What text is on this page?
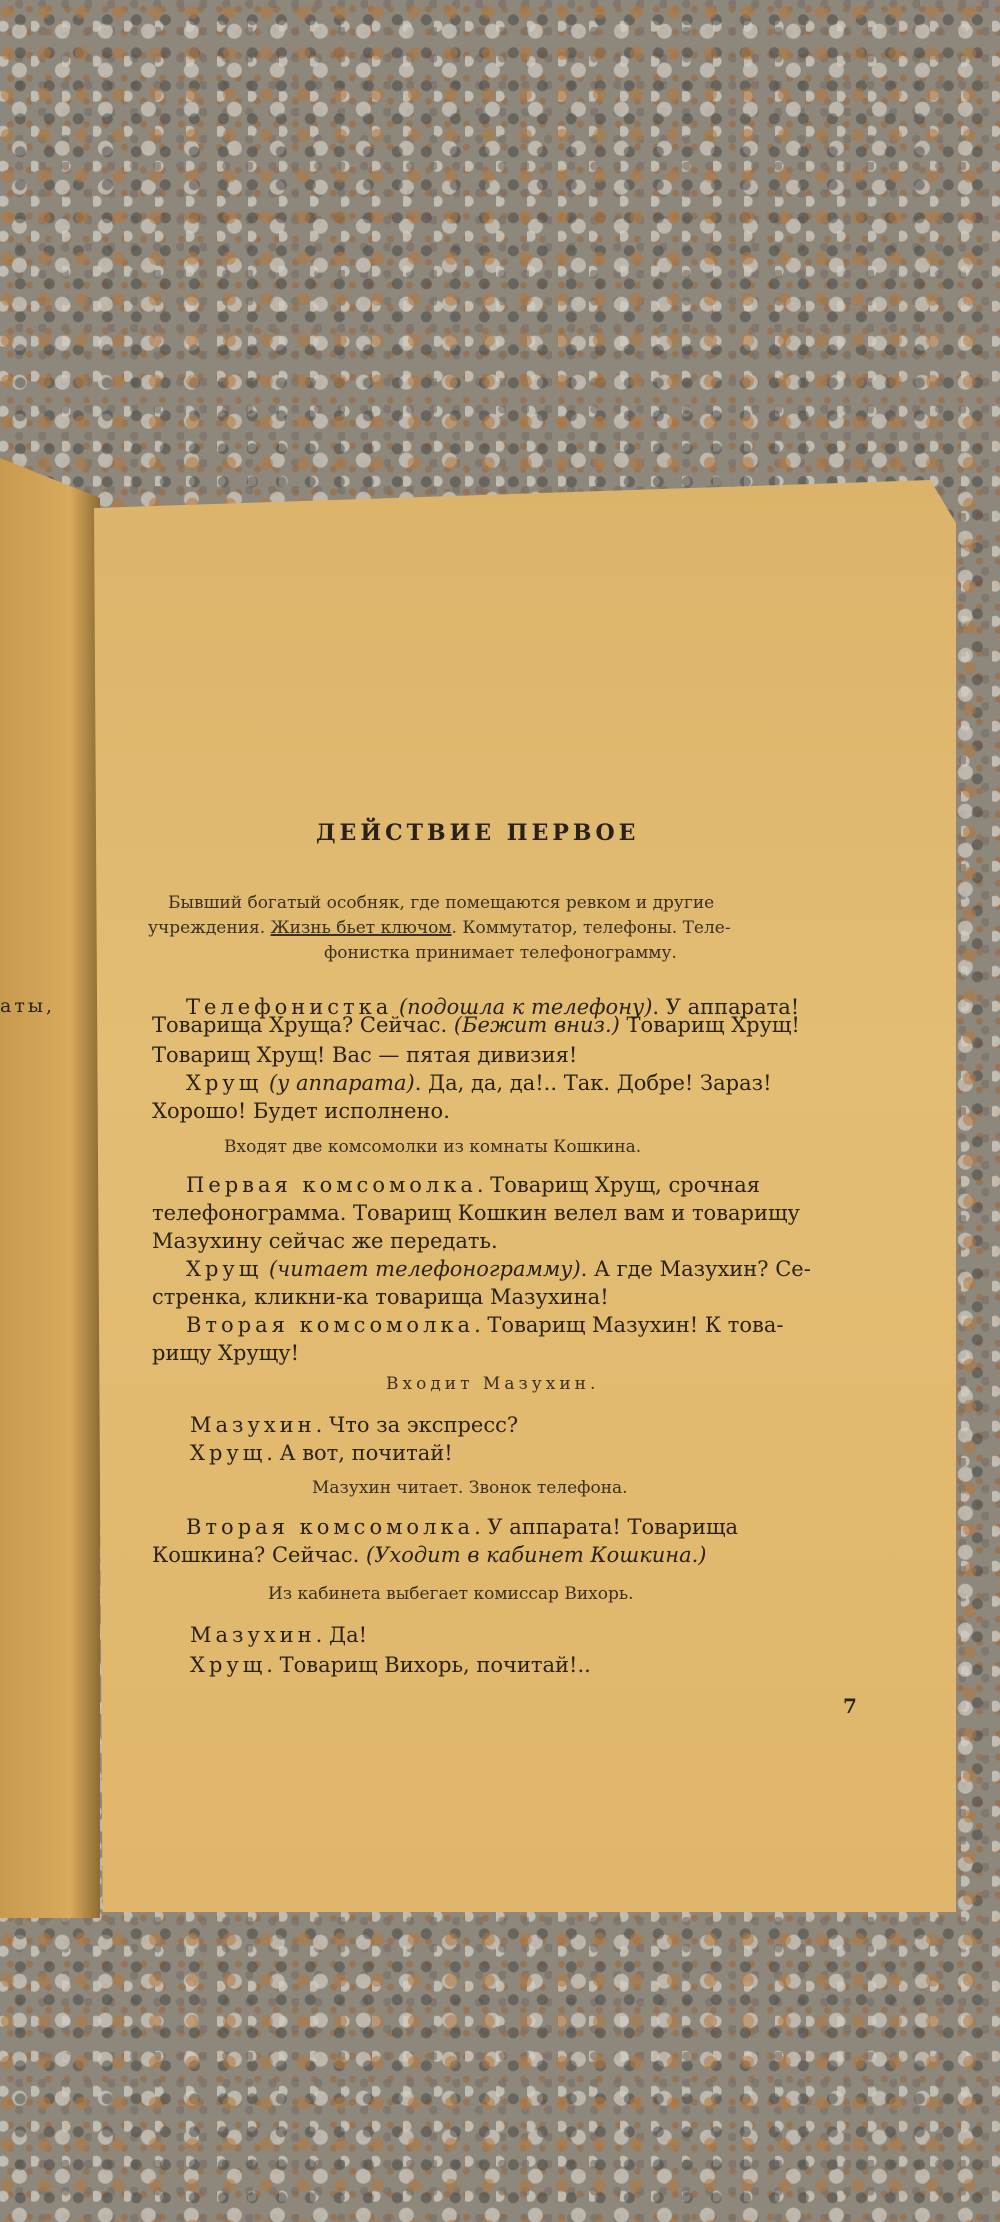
аты,
ДЕЙСТВИЕ ПЕРВОЕ
Бывший богатый особняк, где помещаются ревком и другие
учреждения. Жизнь бьет ключом. Коммутатор, телефоны. Теле-
фонистка принимает телефонограмму.
Телефонистка (подошла к телефону). У аппарата!
Товарища Хруща? Сейчас. (Бежит вниз.) Товарищ Хрущ!
Товарищ Хрущ! Вас — пятая дивизия!
Хрущ (у аппарата). Да, да, да!.. Так. Добре! Зараз!
Хорошо! Будет исполнено.
Входят две комсомолки из комнаты Кошкина.
Первая комсомолка. Товарищ Хрущ, срочная
телефонограмма. Товарищ Кошкин велел вам и товарищу
Мазухину сейчас же передать.
Хрущ (читает телефонограмму). А где Мазухин? Се-
стренка, кликни-ка товарища Мазухина!
Вторая комсомолка. Товарищ Мазухин! К това-
рищу Хрущу!
Входит Мазухин.
Мазухин. Что за экспресс?
Хрущ. А вот, почитай!
Мазухин читает. Звонок телефона.
Вторая комсомолка. У аппарата! Товарища
Кошкина? Сейчас. (Уходит в кабинет Кошкина.)
Из кабинета выбегает комиссар Вихорь.
Мазухин. Да!
Хрущ. Товарищ Вихорь, почитай!..
7
